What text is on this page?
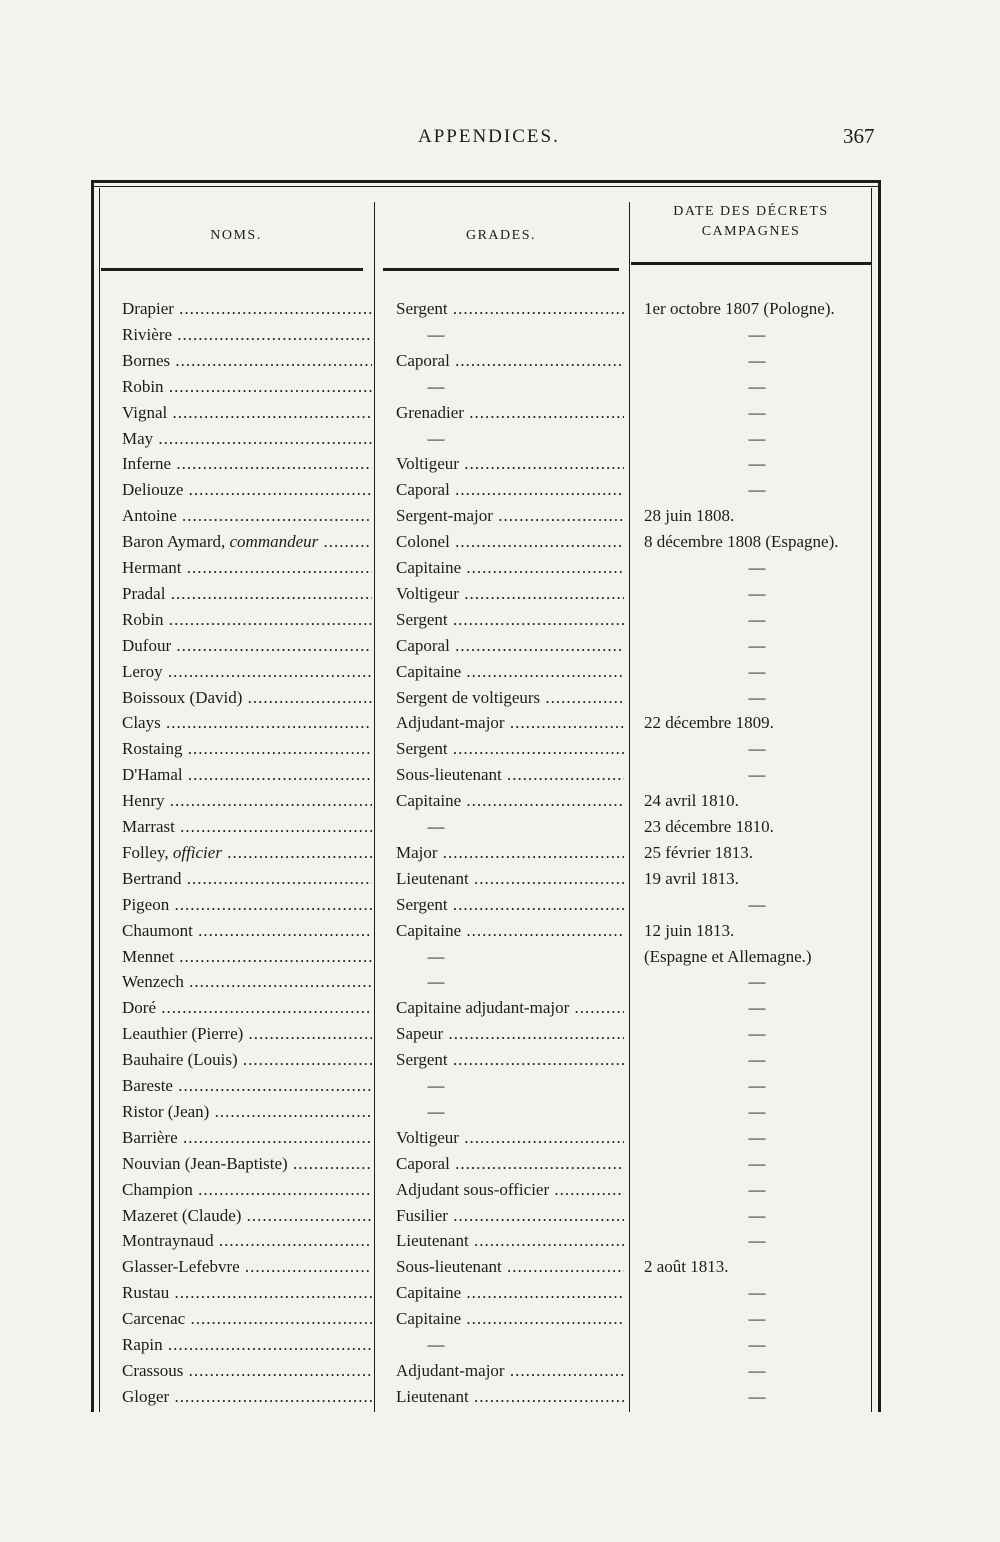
APPENDICES.	367
NOMS.	GRADES.
DATE DES DÉCRETS
CAMPAGNES
Drapier .....	Sergent .....	1er octobre 1807 (Pologne).
Rivière .....	—	—
Bornes .....	Caporal .....	—
Robin .....	—	—
Vignal .....	Grenadier .....	—
May .....	—	—
Inferne .....	Voltigeur .....	—
Deliouze .....	Caporal .....	—
Antoine .....	Sergent-major .....	28 juin 1808.
Baron Aymard, commandeur .....	Colonel .....	8 décembre 1808 (Espagne).
Hermant .....	Capitaine .....	—
Pradal .....	Voltigeur .....	—
Robin .....	Sergent .....	—
Dufour .....	Caporal .....	—
Leroy .....	Capitaine .....	—
Boissoux (David) .....	Sergent de voltigeurs .....	—
Clays .....	Adjudant-major .....	22 décembre 1809.
Rostaing .....	Sergent .....	—
D'Hamal .....	Sous-lieutenant .....	—
Henry .....	Capitaine .....	24 avril 1810.
Marrast .....	—	23 décembre 1810.
Folley, officier .....	Major .....	25 février 1813.
Bertrand .....	Lieutenant .....	19 avril 1813.
Pigeon .....	Sergent .....	—
Chaumont .....	Capitaine .....	12 juin 1813.
Mennet .....	—	(Espagne et Allemagne.)
Wenzech .....	—	—
Doré .....	Capitaine adjudant-major .....	—
Leauthier (Pierre) .....	Sapeur .....	—
Bauhaire (Louis) .....	Sergent .....	—
Bareste .....	—	—
Ristor (Jean) .....	—	—
Barrière .....	Voltigeur .....	—
Nouvian (Jean-Baptiste) .....	Caporal .....	—
Champion .....	Adjudant sous-officier .....	—
Mazeret (Claude) .....	Fusilier .....	—
Montraynaud .....	Lieutenant .....	—
Glasser-Lefebvre .....	Sous-lieutenant .....	2 août 1813.
Rustau .....	Capitaine .....	—
Carcenac .....	Capitaine .....	—
Rapin .....	—	—
Crassous .....	Adjudant-major .....	—
Gloger .....	Lieutenant .....	—
